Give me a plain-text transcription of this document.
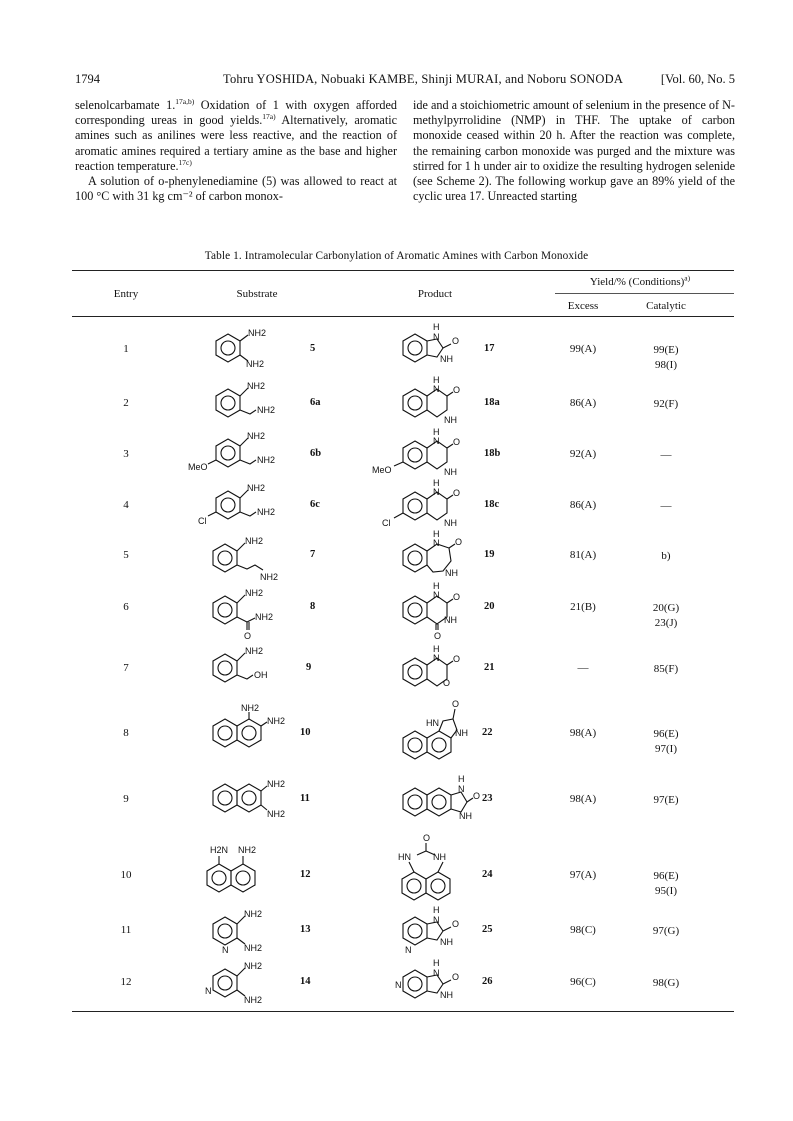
1794	Tohru YOSHIDA, Nobuaki KAMBE, Shinji MURAI, and Noboru SONODA	[Vol. 60, No. 5

selenolcarbamate 1.$^{17a,b)}$ Oxidation of 1 with oxygen afforded corresponding ureas in good yields.$^{17a)}$ Alternatively, aromatic amines such as anilines were less reactive, and the reaction of aromatic amines required a tertiary amine as the base and higher reaction temperature.$^{17c)}$

A solution of o-phenylenediamine (5) was allowed to react at 100 °C with 31 kg cm⁻² of carbon monox-

ide and a stoichiometric amount of selenium in the presence of N-methylpyrrolidine (NMP) in THF. The uptake of carbon monoxide ceased within 20 h. After the reaction was complete, the remaining carbon monoxide was purged and the mixture was stirred for 1 h under air to oxidize the resulting hydrogen selenide (see Scheme 2). The following workup gave an 89% yield of the cyclic urea 17. Unreacted starting

Table 1. Intramolecular Carbonylation of Aromatic Amines with Carbon Monoxide
Entry	Substrate	Product
Yield/% (Conditions)$^{a)}$
Excess	Catalytic
1	5	17	99(A)	99(E)
98(I)
2	6a	18a	86(A)	92(F)
3	6b	18b	92(A)	—
4	6c	18c	86(A)	—
5	7	19	81(A)	b)
6	8	20	21(B)	20(G)
23(J)
7	9	21	—	85(F)
8	10	22	98(A)	96(E)
97(I)
9	11	23	98(A)	97(E)
10	12	24	97(A)	96(E)
95(I)
11	13	25	98(C)	97(G)
12	14	26	96(C)	98(G)
NH2
NH2
NH2
NH2
NH2
NH2
MeO
NH2
NH2
Cl
NH2
NH2
NH2
NH2
O
NH2
OH
NH2
NH2
NH2
NH2
H2N NH2
NH2
NH2
N
NH2
NH2
N
H
N O
NH
H
N O
NH
H
N O
NH
MeO
H
N O
NH
Cl
H
N O
NH
H
N O
NH
O
H
N O
O
HN
O
NH
H
N
O
NH
O
HN NH
H
N O
NH
N
H
N O
NH
N
